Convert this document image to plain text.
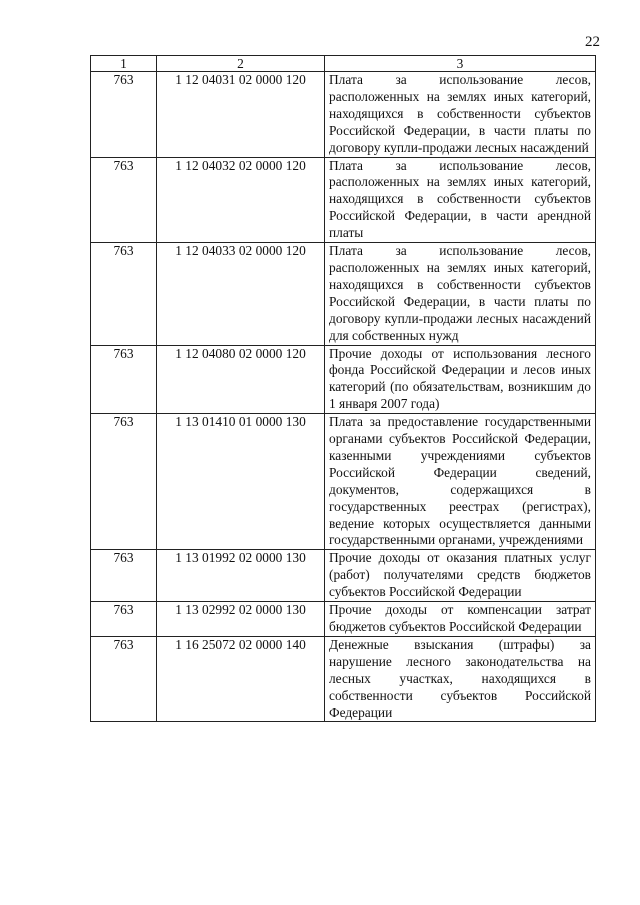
22
1	2	3
763	1 12 04031 02 0000 120	Плата за использование лесов, расположенных на землях иных категорий, находящихся в собственности субъектов Российской Федерации, в части платы по договору купли-продажи лесных насаждений
763	1 12 04032 02 0000 120	Плата за использование лесов, расположенных на землях иных категорий, находящихся в собственности субъектов Российской Федерации, в части арендной платы
763	1 12 04033 02 0000 120	Плата за использование лесов, расположенных на землях иных категорий, находящихся в собственности субъектов Российской Федерации, в части платы по договору купли-продажи лесных насаждений для собственных нужд
763	1 12 04080 02 0000 120	Прочие доходы от использования лесного фонда Российской Федерации и лесов иных категорий (по обязательствам, возникшим до 1 января 2007 года)
763	1 13 01410 01 0000 130	Плата за предоставление государственными органами субъектов Российской Федерации, казенными учреждениями субъектов Российской Федерации сведений, документов, содержащихся в государственных реестрах (регистрах), ведение которых осуществляется данными государственными органами, учреждениями
763	1 13 01992 02 0000 130	Прочие доходы от оказания платных услуг (работ) получателями средств бюджетов субъектов Российской Федерации
763	1 13 02992 02 0000 130	Прочие доходы от компенсации затрат бюджетов субъектов Российской Федерации
763	1 16 25072 02 0000 140	Денежные взыскания (штрафы) за нарушение лесного законодательства на лесных участках, находящихся в собственности субъектов Российской Федерации
